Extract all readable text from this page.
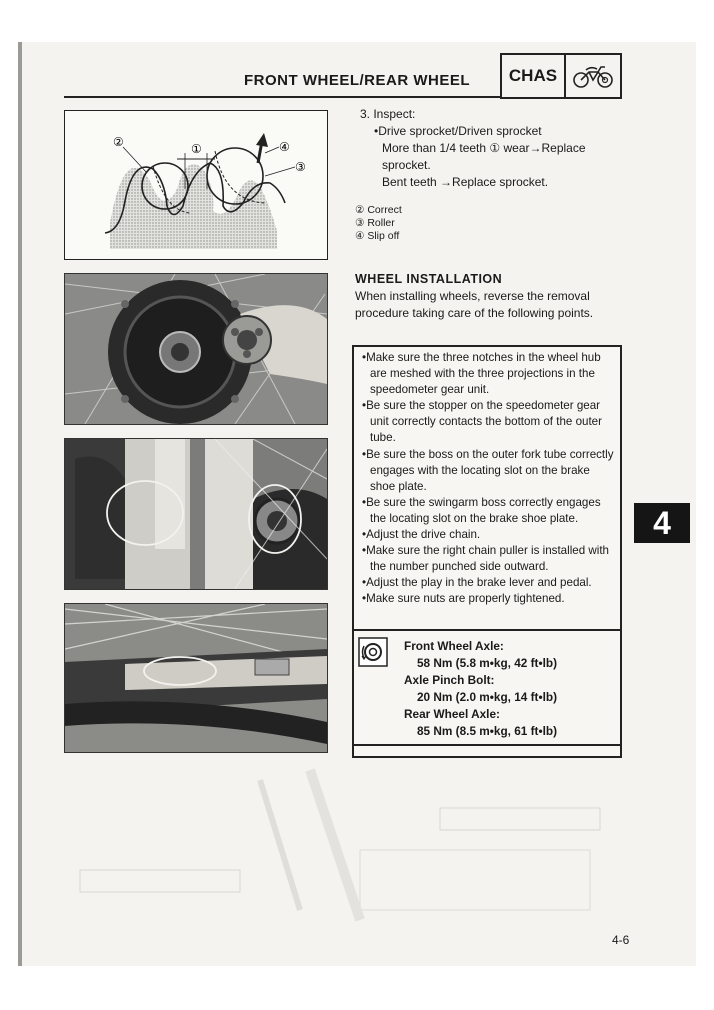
FRONT WHEEL/REAR WHEEL	CHAS
②	①	④
③
3. Inspect:
•Drive sprocket/Driven sprocket
More than 1/4 teeth ① wear→Replace
sprocket.
Bent teeth →Replace sprocket.
② Correct
③ Roller
④ Slip off
WHEEL INSTALLATION
When installing wheels, reverse the removal procedure taking care of the following points.
• Make sure the three notches in the wheel hub are meshed with the three projections in the speedometer gear unit.
• Be sure the stopper on the speedometer gear unit correctly contacts the bottom of the outer tube.
• Be sure the boss on the outer fork tube correctly engages with the locating slot on the brake shoe plate.
• Be sure the swingarm boss correctly engages the locating slot on the brake shoe plate.
• Adjust the drive chain.
• Make sure the right chain puller is installed with the number punched side outward.
• Adjust the play in the brake lever and pedal.
• Make sure nuts are properly tightened.
Front Wheel Axle:
58 Nm (5.8 m•kg, 42 ft•lb)
Axle Pinch Bolt:
20 Nm (2.0 m•kg, 14 ft•lb)
Rear Wheel Axle:
85 Nm (8.5 m•kg, 61 ft•lb)
4
4-6
